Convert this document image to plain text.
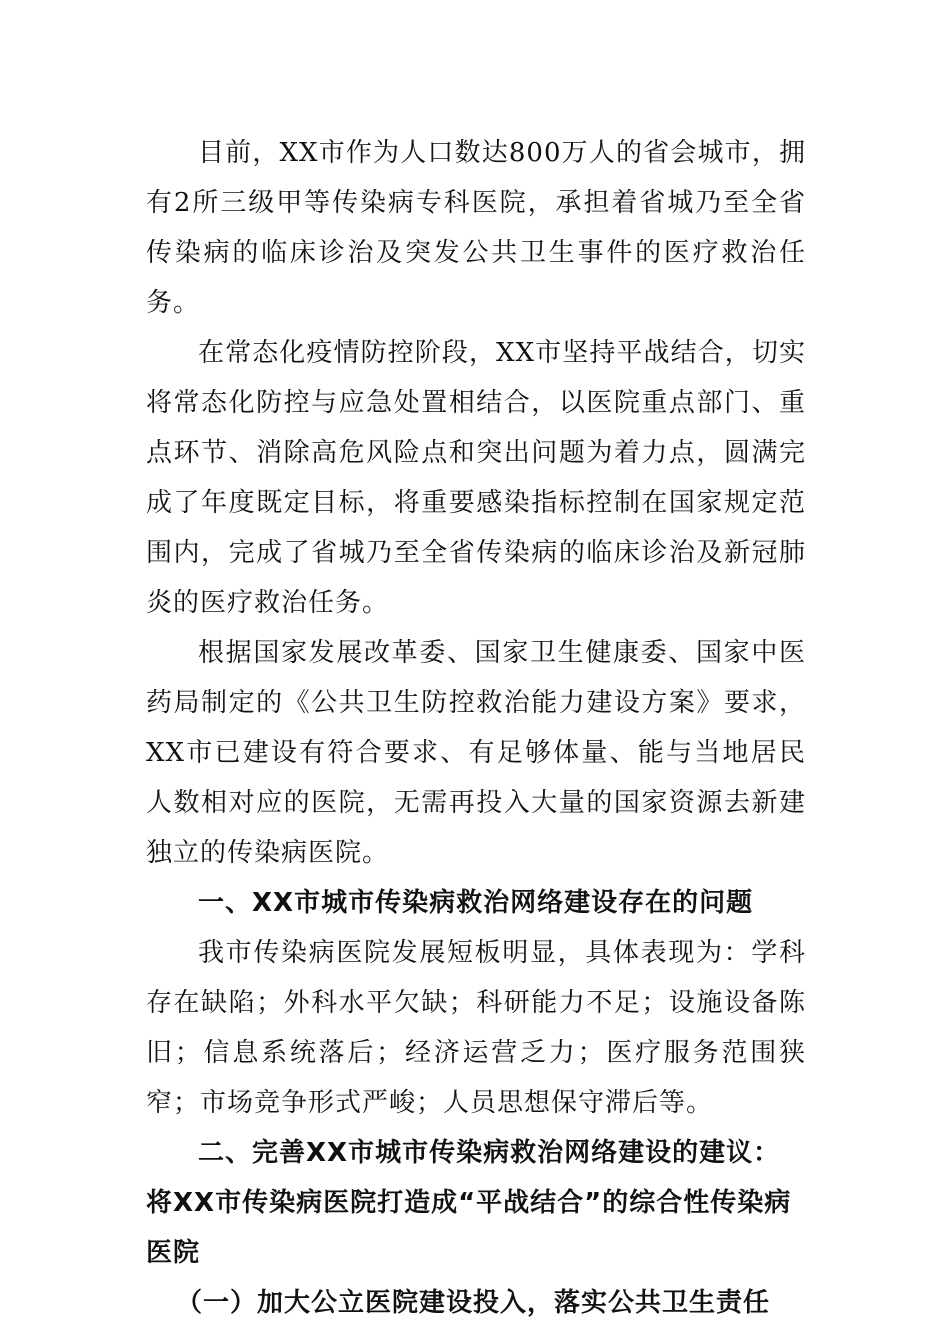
目前，XX市作为人口数达800万人的省会城市，拥有2所三级甲等传染病专科医院，承担着省城乃至全省传染病的临床诊治及突发公共卫生事件的医疗救治任务。

在常态化疫情防控阶段，XX市坚持平战结合，切实将常态化防控与应急处置相结合，以医院重点部门、重点环节、消除高危风险点和突出问题为着力点，圆满完成了年度既定目标，将重要感染指标控制在国家规定范围内，完成了省城乃至全省传染病的临床诊治及新冠肺炎的医疗救治任务。

根据国家发展改革委、国家卫生健康委、国家中医药局制定的《公共卫生防控救治能力建设方案》要求，XX市已建设有符合要求、有足够体量、能与当地居民人数相对应的医院，无需再投入大量的国家资源去新建独立的传染病医院。

一、XX市城市传染病救治网络建设存在的问题

我市传染病医院发展短板明显，具体表现为：学科存在缺陷；外科水平欠缺；科研能力不足；设施设备陈旧；信息系统落后；经济运营乏力；医疗服务范围狭窄；市场竞争形式严峻；人员思想保守滞后等。

二、完善XX市城市传染病救治网络建设的建议：将XX市传染病医院打造成“平战结合”的综合性传染病医院

（一）加大公立医院建设投入，落实公共卫生责任
